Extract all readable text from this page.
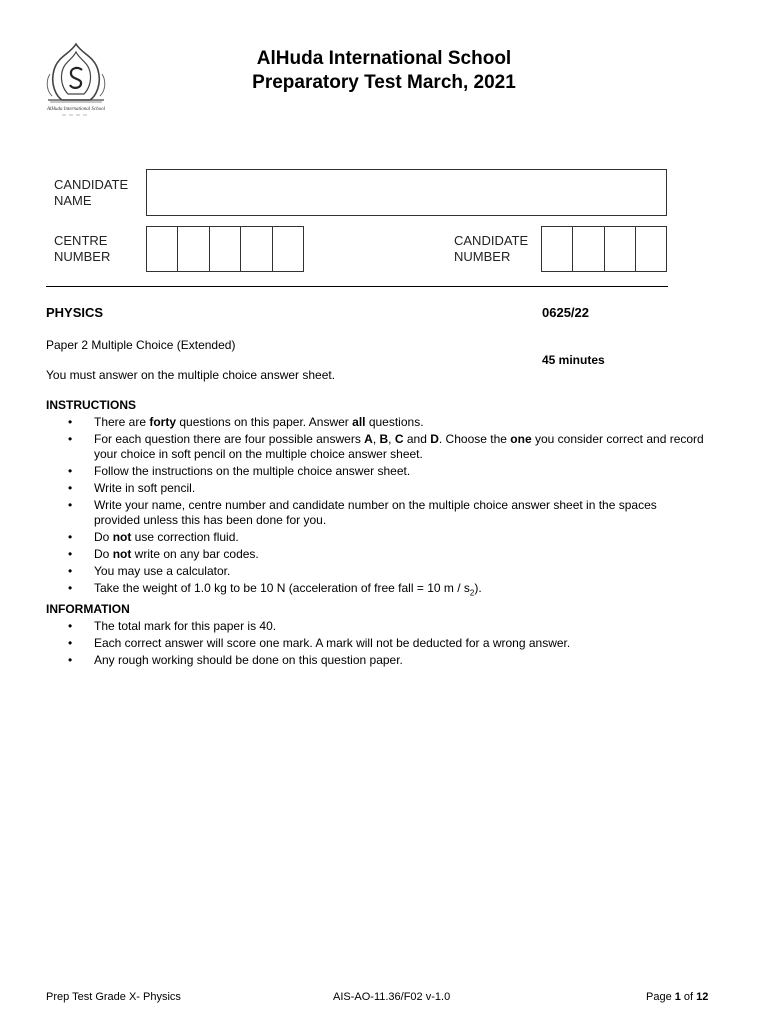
AlHuda International School
AlHuda International School
Preparatory Test March, 2021
CANDIDATE
NAME
CENTRE
NUMBER
CANDIDATE
NUMBER
PHYSICS	0625/22
Paper 2 Multiple Choice (Extended)
45 minutes
You must answer on the multiple choice answer sheet.
INSTRUCTIONS
• There are forty questions on this paper. Answer all questions.
• For each question there are four possible answers A, B, C and D. Choose the one you consider correct and record your choice in soft pencil on the multiple choice answer sheet.
• Follow the instructions on the multiple choice answer sheet.
• Write in soft pencil.
• Write your name, centre number and candidate number on the multiple choice answer sheet in the spaces provided unless this has been done for you.
• Do not use correction fluid.
• Do not write on any bar codes.
• You may use a calculator.
• Take the weight of 1.0 kg to be 10 N (acceleration of free fall = 10 m / $s_2$).
INFORMATION
• The total mark for this paper is 40.
• Each correct answer will score one mark. A mark will not be deducted for a wrong answer.
• Any rough working should be done on this question paper.
Prep Test Grade X- Physics	AIS-AO-11.36/F02 v-1.0	Page 1 of 12
